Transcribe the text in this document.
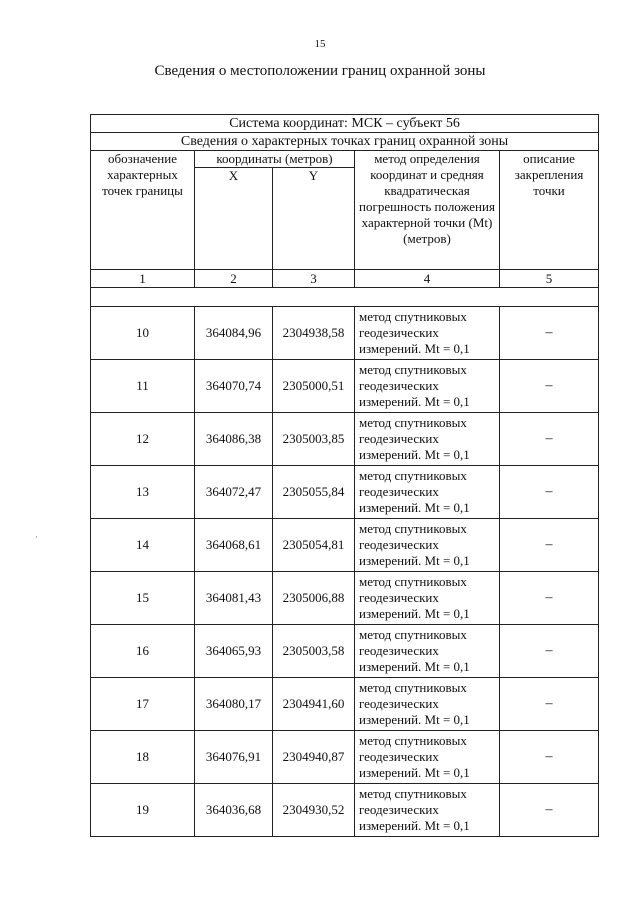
15
Сведения о местоположении границ охранной зоны
·
Система координат: МСК – субъект 56				
Сведения о характерных точках границ охранной зоны				
обозначение характерных точек границы	координаты (метров)		метод определения координат и средняя квадратическая погрешность положения характерной точки (Mt) (метров)	описание закрепления точки
	X	Y		
1	2	3	4	5

10	364084,96	2304938,58	метод спутниковых геодезических измерений. Mt = 0,1	–
11	364070,74	2305000,51	метод спутниковых геодезических измерений. Mt = 0,1	–
12	364086,38	2305003,85	метод спутниковых геодезических измерений. Mt = 0,1	–
13	364072,47	2305055,84	метод спутниковых геодезических измерений. Mt = 0,1	–
14	364068,61	2305054,81	метод спутниковых геодезических измерений. Mt = 0,1	–
15	364081,43	2305006,88	метод спутниковых геодезических измерений. Mt = 0,1	–
16	364065,93	2305003,58	метод спутниковых геодезических измерений. Mt = 0,1	–
17	364080,17	2304941,60	метод спутниковых геодезических измерений. Mt = 0,1	–
18	364076,91	2304940,87	метод спутниковых геодезических измерений. Mt = 0,1	–
19	364036,68	2304930,52	метод спутниковых геодезических измерений. Mt = 0,1	–
